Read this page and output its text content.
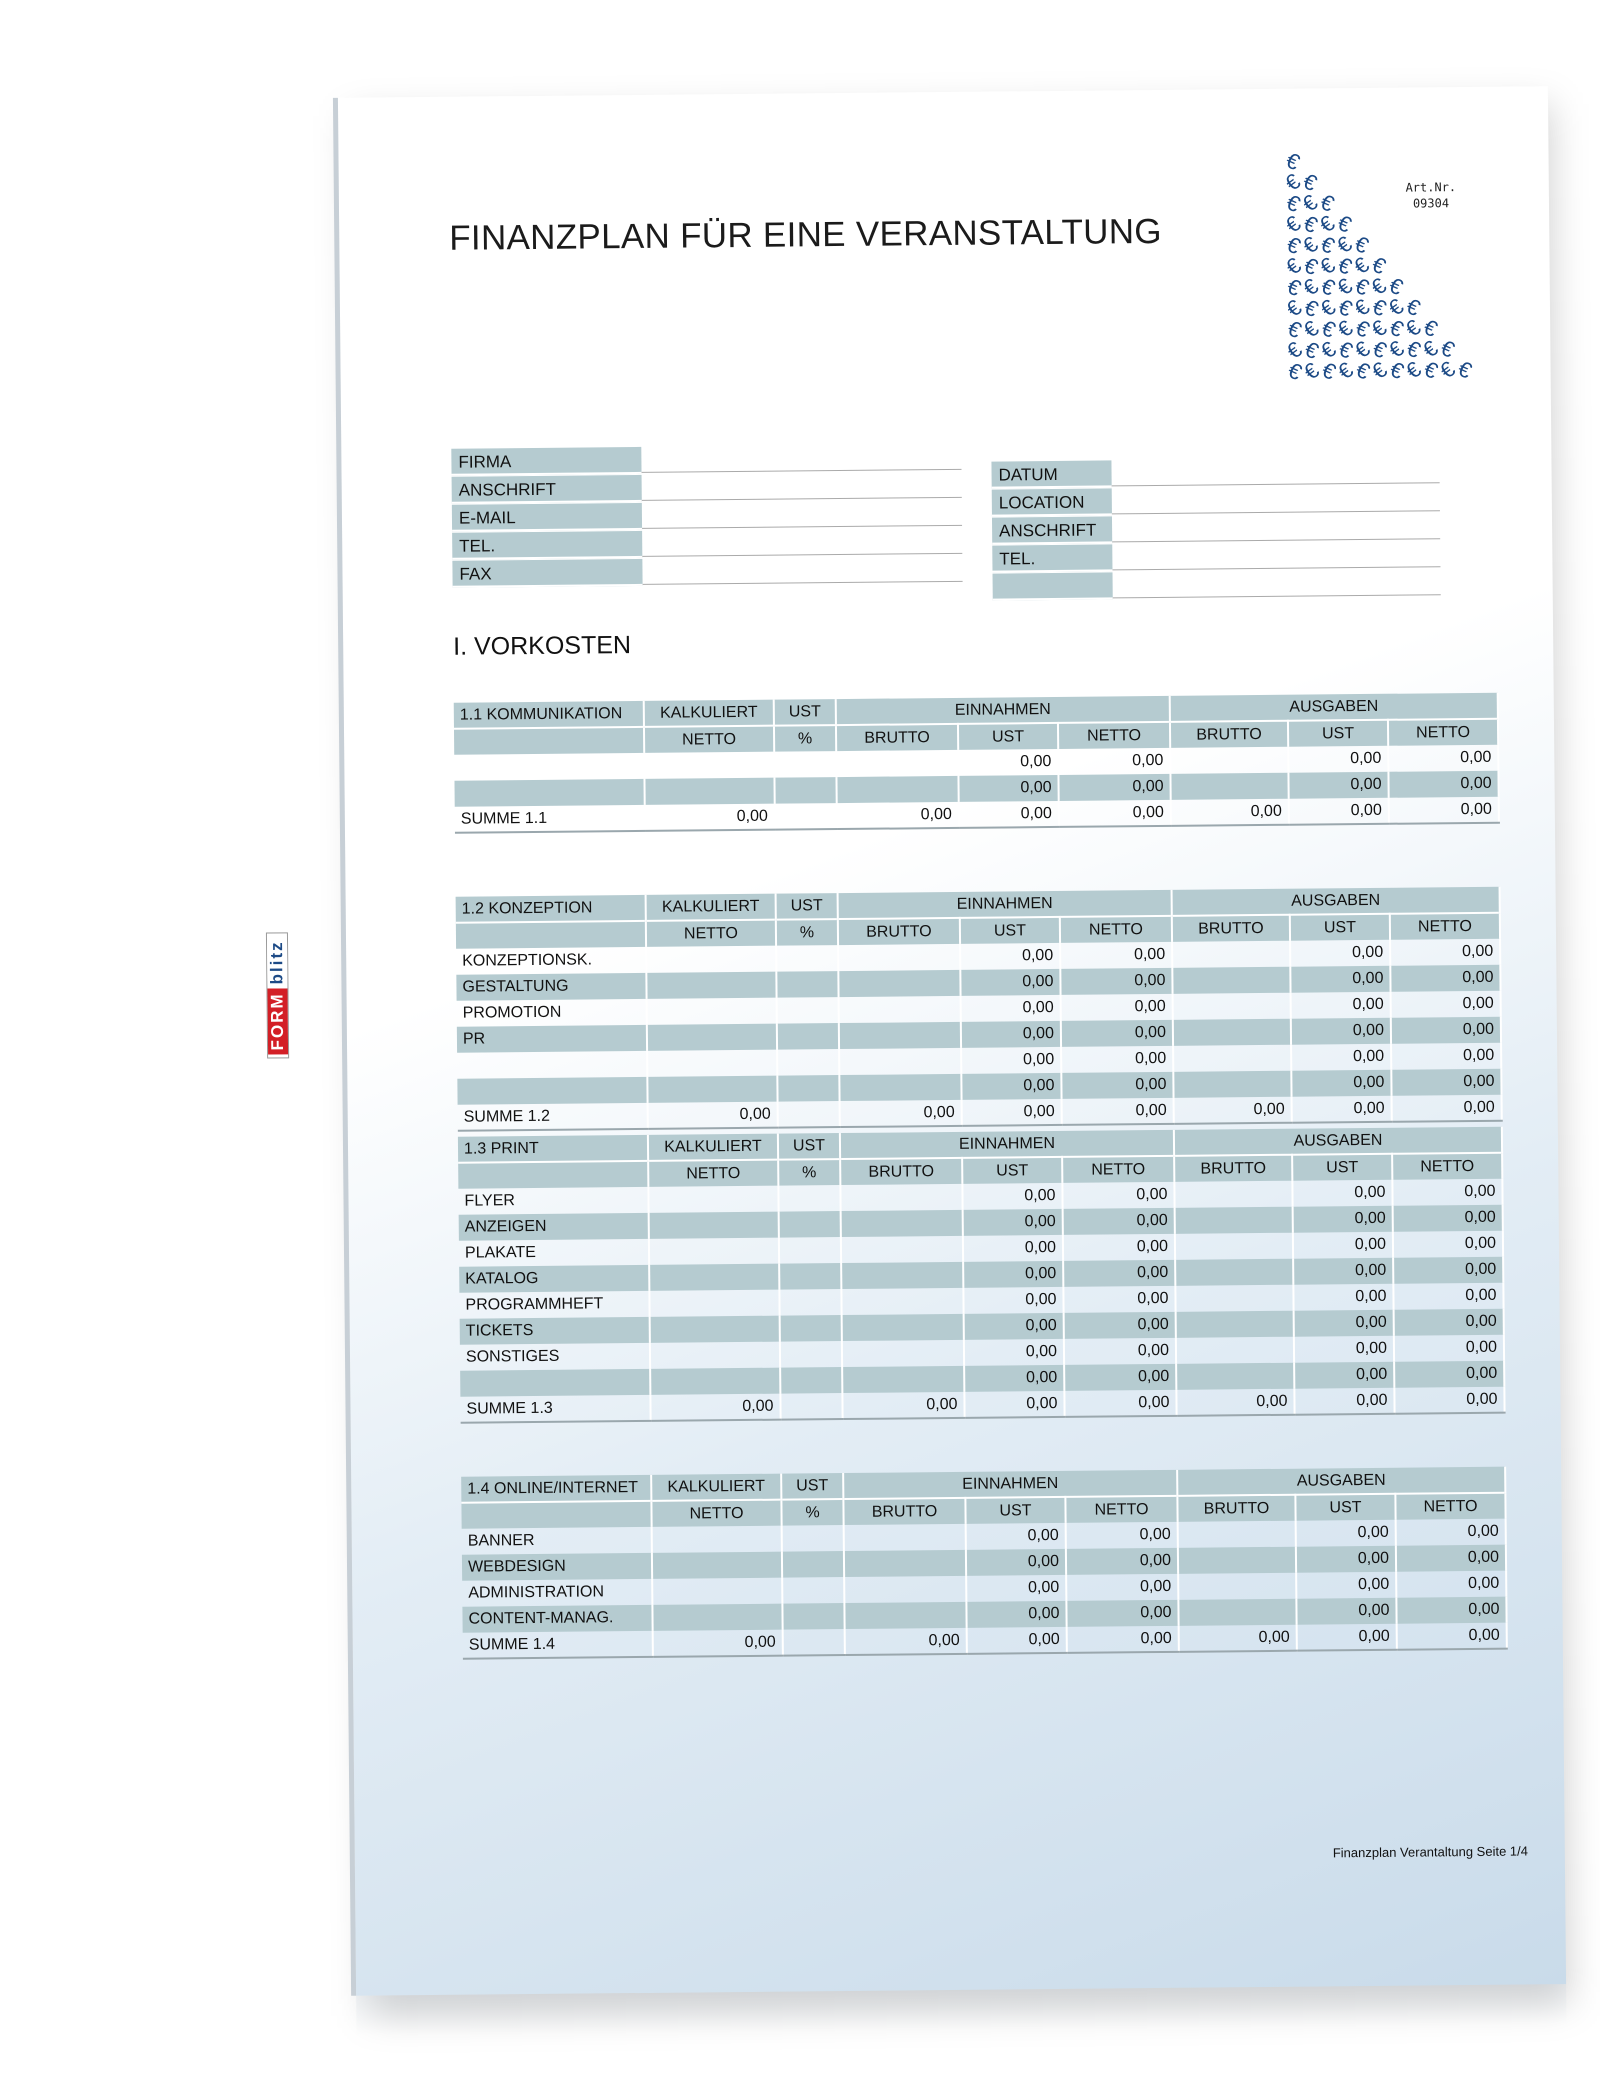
FINANZPLAN FÜR EINE VERANSTALTUNG
€
€
€
€
€
€
€
€
€
€
€
€
€
€
€
€
€
€
€
€
€
€
€
€
€
€
€
€
€
€
€
€
€
€
€
€
€
€
€
€
€
€
€
€
€
€
€
€
€
€
€
€
€
€
€
€
€
€
€
€
€
€
€
€
€
€
Art.Nr.
09304
FORM
blitz
FIRMA
ANSCHRIFT
E-MAIL
TEL.
FAX
DATUM
LOCATION
ANSCHRIFT
TEL.
I. VORKOSTEN
1.1 KOMMUNIKATION	KALKULIERT	UST	EINNAHMEN			AUSGABEN		
	NETTO	%	BRUTTO	UST	NETTO	BRUTTO	UST	NETTO
				0,00	0,00		0,00	0,00
				0,00	0,00		0,00	0,00
SUMME 1.1	0,00		0,00	0,00	0,00	0,00	0,00	0,00
1.2 KONZEPTION	KALKULIERT	UST	EINNAHMEN			AUSGABEN		
	NETTO	%	BRUTTO	UST	NETTO	BRUTTO	UST	NETTO
KONZEPTIONSK.				0,00	0,00		0,00	0,00
GESTALTUNG				0,00	0,00		0,00	0,00
PROMOTION				0,00	0,00		0,00	0,00
PR				0,00	0,00		0,00	0,00
				0,00	0,00		0,00	0,00
				0,00	0,00		0,00	0,00
SUMME 1.2	0,00		0,00	0,00	0,00	0,00	0,00	0,00
1.3 PRINT	KALKULIERT	UST	EINNAHMEN			AUSGABEN		
	NETTO	%	BRUTTO	UST	NETTO	BRUTTO	UST	NETTO
FLYER				0,00	0,00		0,00	0,00
ANZEIGEN				0,00	0,00		0,00	0,00
PLAKATE				0,00	0,00		0,00	0,00
KATALOG				0,00	0,00		0,00	0,00
PROGRAMMHEFT				0,00	0,00		0,00	0,00
TICKETS				0,00	0,00		0,00	0,00
SONSTIGES				0,00	0,00		0,00	0,00
				0,00	0,00		0,00	0,00
SUMME 1.3	0,00		0,00	0,00	0,00	0,00	0,00	0,00
1.4 ONLINE/INTERNET	KALKULIERT	UST	EINNAHMEN			AUSGABEN		
	NETTO	%	BRUTTO	UST	NETTO	BRUTTO	UST	NETTO
BANNER				0,00	0,00		0,00	0,00
WEBDESIGN				0,00	0,00		0,00	0,00
ADMINISTRATION				0,00	0,00		0,00	0,00
CONTENT-MANAG.				0,00	0,00		0,00	0,00
SUMME 1.4	0,00		0,00	0,00	0,00	0,00	0,00	0,00
Finanzplan Verantaltung Seite 1/4
